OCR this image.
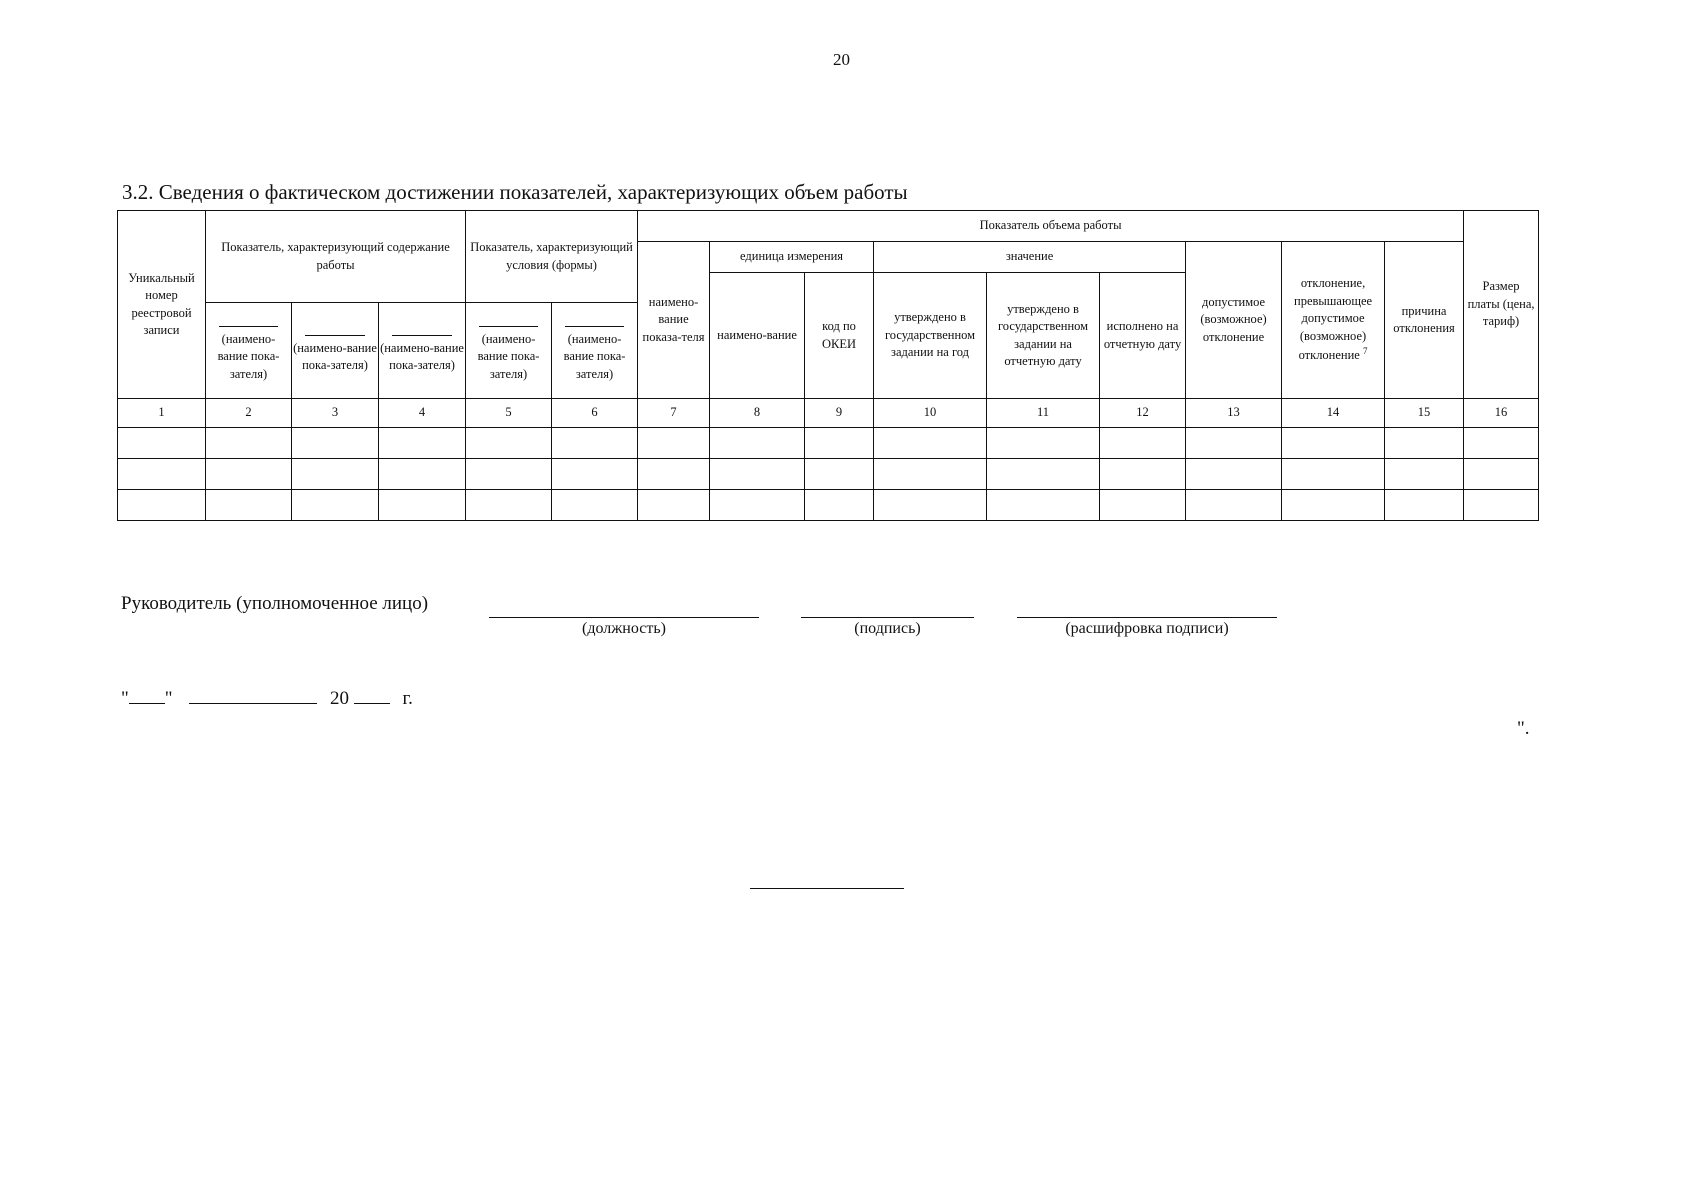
20
3.2. Сведения о фактическом достижении показателей, характеризующих объем работы
Уникальный номер реестровой записи	Показатель, характеризующий содержание работы			Показатель, характеризующий условия (формы)		Показатель объема работы									Размер платы (цена, тариф)
						наимено-вание показа-теля	единица измерения		значение			допустимое (возможное) отклонение	отклонение, превышающее допустимое (возможное) отклонение $^7$	причина отклонения	
							наимено-вание	код по ОКЕИ	утверждено в государственном задании на год	утверждено в государственном задании на отчетную дату	исполнено на отчетную дату				

(наимено-вание пока-зателя)	(наимено-вание пока-зателя)	(наимено-вание пока-зателя)	(наимено-вание пока-зателя)	(наимено-вание пока-зателя)										
1	2	3	4	5	6	7	8	9	10	11	12	13	14	15	16

Руководитель (уполномоченное лицо)
(должность)	(подпись)	(расшифровка подписи)
" "	20	г.
".
